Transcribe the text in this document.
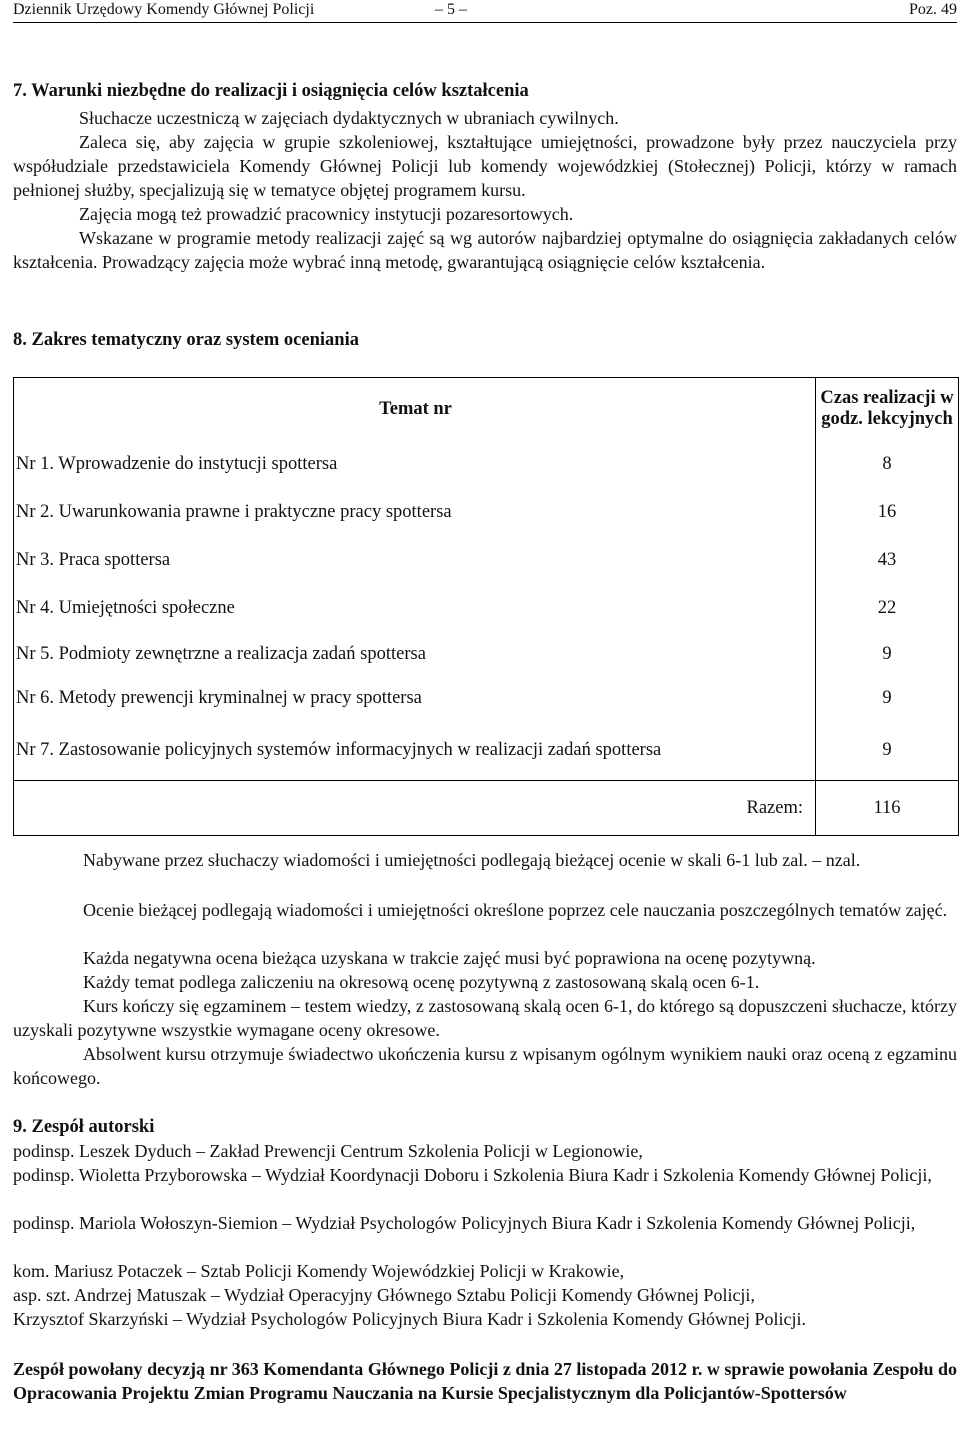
Dziennik Urzędowy Komendy Głównej Policji	– 5 –	Poz. 49
7. Warunki niezbędne do realizacji i osiągnięcia celów kształcenia
Słuchacze uczestniczą w zajęciach dydaktycznych w ubraniach cywilnych.
Zaleca się, aby zajęcia w grupie szkoleniowej, kształtujące umiejętności, prowadzone były przez nauczyciela przy współudziale przedstawiciela Komendy Głównej Policji lub komendy wojewódzkiej (Stołecznej) Policji, którzy w ramach pełnionej służby, specjalizują się w tematyce objętej programem kursu.
Zajęcia mogą też prowadzić pracownicy instytucji pozaresortowych.
Wskazane w programie metody realizacji zajęć są wg autorów najbardziej optymalne do osiągnięcia zakładanych celów kształcenia. Prowadzący zajęcia może wybrać inną metodę, gwarantującą osiągnięcie celów kształcenia.
8. Zakres tematyczny oraz system oceniania
Temat nr	Czas realizacji w godz. lekcyjnych
Nr 1. Wprowadzenie do instytucji spottersa	8
Nr 2. Uwarunkowania prawne i praktyczne pracy spottersa	16
Nr 3. Praca spottersa	43
Nr 4. Umiejętności społeczne	22
Nr 5. Podmioty zewnętrzne a realizacja zadań spottersa	9
Nr 6. Metody prewencji kryminalnej w pracy spottersa	9
Nr 7. Zastosowanie policyjnych systemów informacyjnych w realizacji zadań spottersa	9
Razem:	116
Nabywane przez słuchaczy wiadomości i umiejętności podlegają bieżącej ocenie w skali 6-1 lub zal. – nzal.
Ocenie bieżącej podlegają wiadomości i umiejętności określone poprzez cele nauczania poszczególnych tematów zajęć.
Każda negatywna ocena bieżąca uzyskana w trakcie zajęć musi być poprawiona na ocenę pozytywną.
Każdy temat podlega zaliczeniu na okresową ocenę pozytywną z zastosowaną skalą ocen 6-1.
Kurs kończy się egzaminem – testem wiedzy, z zastosowaną skalą ocen 6-1, do którego są dopuszczeni słuchacze, którzy uzyskali pozytywne wszystkie wymagane oceny okresowe.
Absolwent kursu otrzymuje świadectwo ukończenia kursu z wpisanym ogólnym wynikiem nauki oraz oceną z egzaminu końcowego.
9. Zespół autorski
podinsp. Leszek Dyduch – Zakład Prewencji Centrum Szkolenia Policji w Legionowie,
podinsp. Wioletta Przyborowska – Wydział Koordynacji Doboru i Szkolenia Biura Kadr i Szkolenia Komendy Głównej Policji,
podinsp. Mariola Wołoszyn-Siemion – Wydział Psychologów Policyjnych Biura Kadr i Szkolenia Komendy Głównej Policji,
kom. Mariusz Potaczek – Sztab Policji Komendy Wojewódzkiej Policji w Krakowie,
asp. szt. Andrzej Matuszak – Wydział Operacyjny Głównego Sztabu Policji Komendy Głównej Policji,
Krzysztof Skarzyński – Wydział Psychologów Policyjnych Biura Kadr i Szkolenia Komendy Głównej Policji.
Zespół powołany decyzją nr 363 Komendanta Głównego Policji z dnia 27 listopada 2012 r. w sprawie powołania Zespołu do Opracowania Projektu Zmian Programu Nauczania na Kursie Specjalistycznym dla Policjantów-Spottersów
